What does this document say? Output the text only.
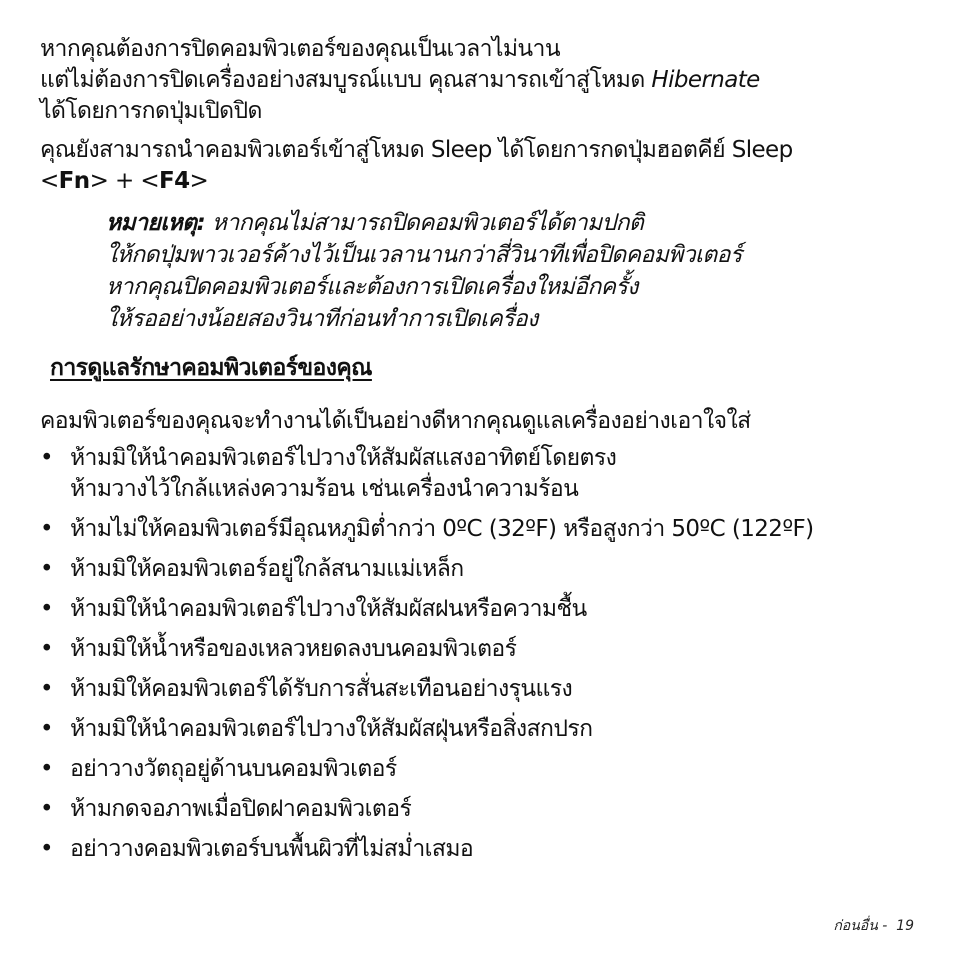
หากคุณต้องการปิดคอมพิวเตอร์ของคุณเป็นเวลาไม่นาน
แต่ไม่ต้องการปิดเครื่องอย่างสมบูรณ์แบบ คุณสามารถเข้าสู่โหมด Hibernate
ได้โดยการกดปุ่มเปิดปิด

คุณยังสามารถนำคอมพิวเตอร์เข้าสู่โหมด Sleep ได้โดยการกดปุ่มฮอตคีย์ Sleep
<Fn> + <F4>

หมายเหตุ: หากคุณไม่สามารถปิดคอมพิวเตอร์ได้ตามปกติ
ให้กดปุ่มพาวเวอร์ค้างไว้เป็นเวลานานกว่าสี่วินาทีเพื่อปิดคอมพิวเตอร์
หากคุณปิดคอมพิวเตอร์และต้องการเปิดเครื่องใหม่อีกครั้ง
ให้รออย่างน้อยสองวินาทีก่อนทำการเปิดเครื่อง
การดูแลรักษาคอมพิวเตอร์ของคุณ

คอมพิวเตอร์ของคุณจะทำงานได้เป็นอย่างดีหากคุณดูแลเครื่องอย่างเอาใจใส่

• ห้ามมิให้นำคอมพิวเตอร์ไปวางให้สัมผัสแสงอาทิตย์โดยตรง
ห้ามวางไว้ใกล้แหล่งความร้อน เช่นเครื่องนำความร้อน
• ห้ามไม่ให้คอมพิวเตอร์มีอุณหภูมิต่ำกว่า 0ºC (32ºF) หรือสูงกว่า 50ºC (122ºF)
• ห้ามมิให้คอมพิวเตอร์อยู่ใกล้สนามแม่เหล็ก
• ห้ามมิให้นำคอมพิวเตอร์ไปวางให้สัมผัสฝนหรือความชื้น
• ห้ามมิให้น้ำหรือของเหลวหยดลงบนคอมพิวเตอร์
• ห้ามมิให้คอมพิวเตอร์ได้รับการสั่นสะเทือนอย่างรุนแรง
• ห้ามมิให้นำคอมพิวเตอร์ไปวางให้สัมผัสฝุ่นหรือสิ่งสกปรก
• อย่าวางวัตถุอยู่ด้านบนคอมพิวเตอร์
• ห้ามกดจอภาพเมื่อปิดฝาคอมพิวเตอร์
• อย่าวางคอมพิวเตอร์บนพื้นผิวที่ไม่สม่ำเสมอ
ก่อนอื่น - 19
